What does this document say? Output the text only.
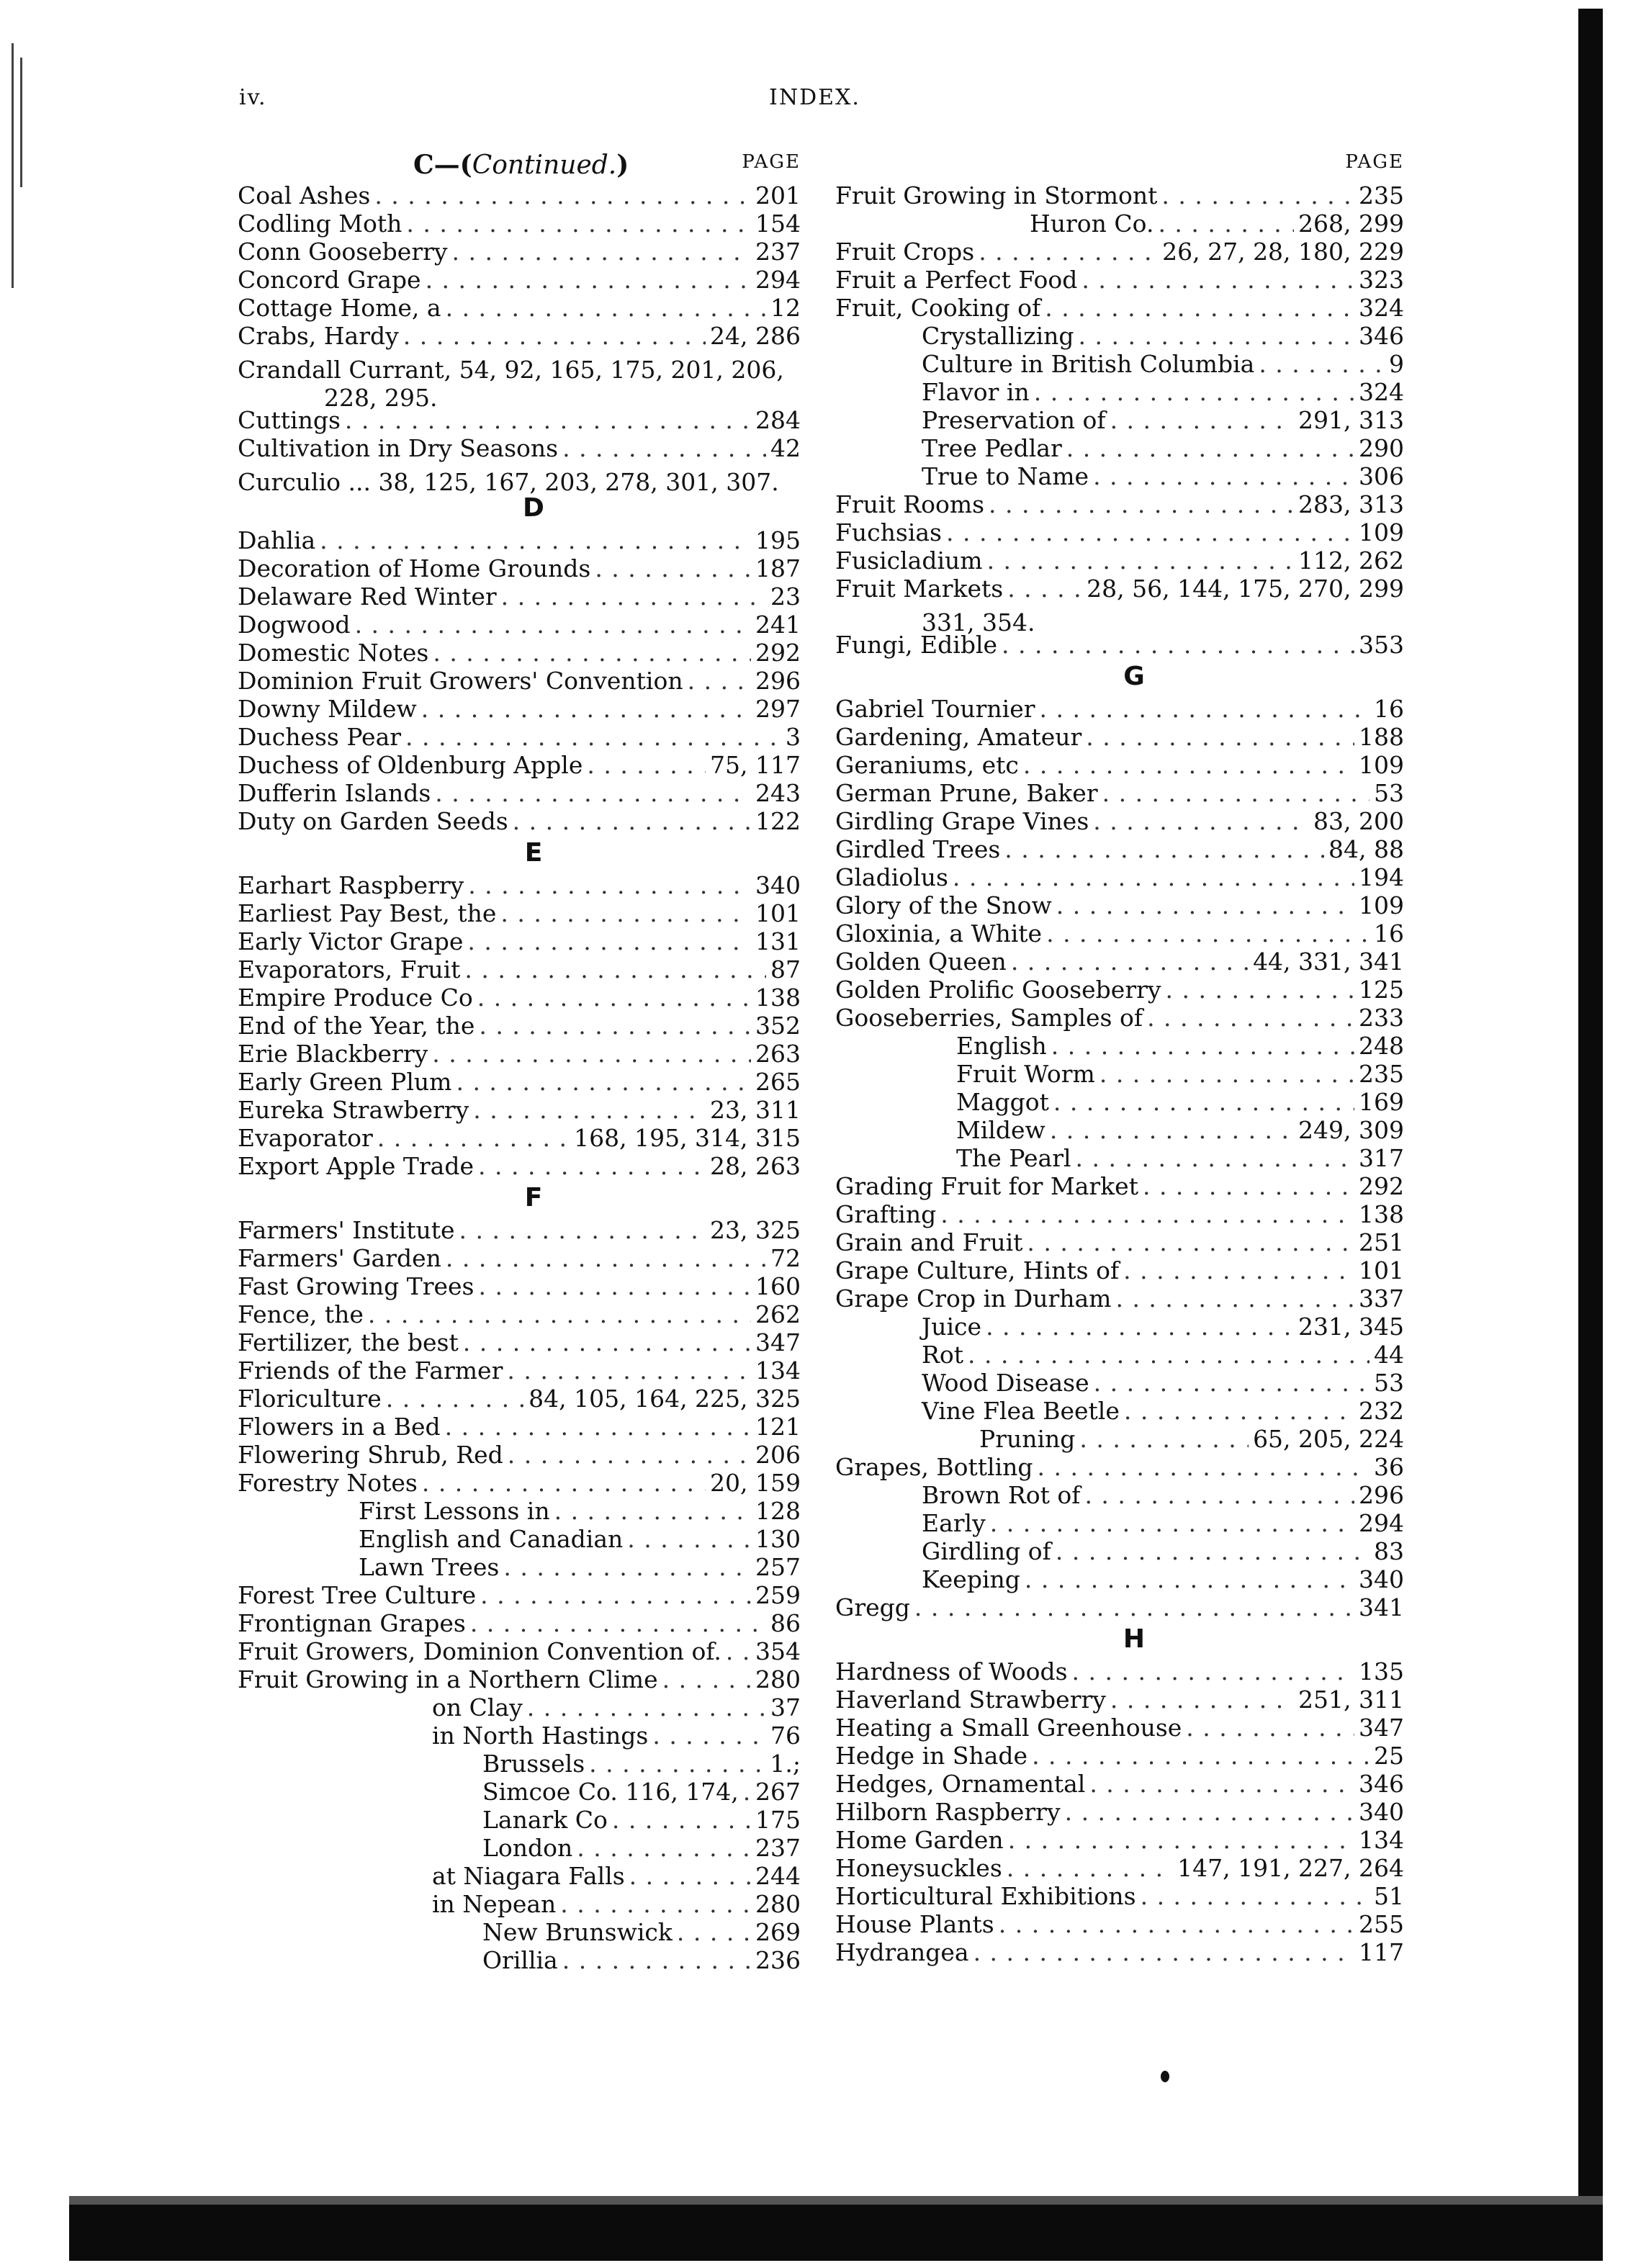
iv.	INDEX.
C—(Continued.)	PAGE
Coal Ashes . . .	201
Codling Moth . . .	154
Conn Gooseberry . . .	237
Concord Grape . . .	294
Cottage Home, a . . .	12
Crabs, Hardy . . .	24, 286
Crandall Currant, 54, 92, 165, 175, 201, 206,
228, 295.
Cuttings . . .	284
Cultivation in Dry Seasons . . .	42
Curculio ... 38, 125, 167, 203, 278, 301, 307.
D
Dahlia . . .	195
Decoration of Home Grounds . . .	187
Delaware Red Winter . . .	23
Dogwood . . .	241
Domestic Notes . . .	292
Dominion Fruit Growers' Convention . . .	296
Downy Mildew . . .	297
Duchess Pear . . .	3
Duchess of Oldenburg Apple . . .	75, 117
Dufferin Islands . . .	243
Duty on Garden Seeds . . .	122
E
Earhart Raspberry . . .	340
Earliest Pay Best, the . . .	101
Early Victor Grape . . .	131
Evaporators, Fruit . . .	87
Empire Produce Co . . .	138
End of the Year, the . . .	352
Erie Blackberry . . .	263
Early Green Plum . . .	265
Eureka Strawberry . . .	23, 311
Evaporator . . .	168, 195, 314, 315
Export Apple Trade . . .	28, 263
F
Farmers' Institute . . .	23, 325
Farmers' Garden . . .	72
Fast Growing Trees . . .	160
Fence, the . . .	262
Fertilizer, the best . . .	347
Friends of the Farmer . . .	134
Floriculture . . .	84, 105, 164, 225, 325
Flowers in a Bed . . .	121
Flowering Shrub, Red . . .	206
Forestry Notes . . .	20, 159
First Lessons in . . .	128
English and Canadian . . .	130
Lawn Trees . . .	257
Forest Tree Culture . . .	259
Frontignan Grapes . . .	86
Fruit Growers, Dominion Convention of. . . . 354
Fruit Growing in a Northern Clime . . .	280
on Clay . . .	37
in North Hastings . . .	76
Brussels . . .	1.;
Simcoe Co. 116, 174, . . . 267
Lanark Co . . .	175
London . . .	237
at Niagara Falls . . .	244
in Nepean . . .	280
New Brunswick . . .	269
Orillia . . .	236
PAGE
Fruit Growing in Stormont . . .	235
Huron Co. . . .	268, 299
Fruit Crops . . .	26, 27, 28, 180, 229
Fruit a Perfect Food . . .	323
Fruit, Cooking of . . .	324
Crystallizing . . .	346
Culture in British Columbia . . .	9
Flavor in . . .	324
Preservation of . . .	291, 313
Tree Pedlar . . .	290
True to Name . . .	306
Fruit Rooms . . .	283, 313
Fuchsias . . .	109
Fusicladium . . .	112, 262
Fruit Markets . . .	28, 56, 144, 175, 270, 299
331, 354.
Fungi, Edible . . .	353
G
Gabriel Tournier . . .	16
Gardening, Amateur . . .	188
Geraniums, etc . . .	109
German Prune, Baker . . .	53
Girdling Grape Vines . . .	83, 200
Girdled Trees . . .	84, 88
Gladiolus . . .	194
Glory of the Snow . . .	109
Gloxinia, a White . . .	16
Golden Queen . . .	44, 331, 341
Golden Prolific Gooseberry . . .	125
Gooseberries, Samples of . . .	233
English . . .	248
Fruit Worm . . .	235
Maggot . . .	169
Mildew . . .	249, 309
The Pearl . . .	317
Grading Fruit for Market . . .	292
Grafting . . .	138
Grain and Fruit . . .	251
Grape Culture, Hints of . . .	101
Grape Crop in Durham . . .	337
Juice . . .	231, 345
Rot . . .	44
Wood Disease . . .	53
Vine Flea Beetle . . .	232
Pruning . . .	65, 205, 224
Grapes, Bottling . . .	36
Brown Rot of . . .	296
Early . . .	294
Girdling of . . .	83
Keeping . . .	340
Gregg . . .	341
H
Hardness of Woods . . .	135
Haverland Strawberry . . .	251, 311
Heating a Small Greenhouse . . .	347
Hedge in Shade . . .	25
Hedges, Ornamental . . .	346
Hilborn Raspberry . . .	340
Home Garden . . .	134
Honeysuckles . . .	147, 191, 227, 264
Horticultural Exhibitions . . .	51
House Plants . . .	255
Hydrangea . . .	117
